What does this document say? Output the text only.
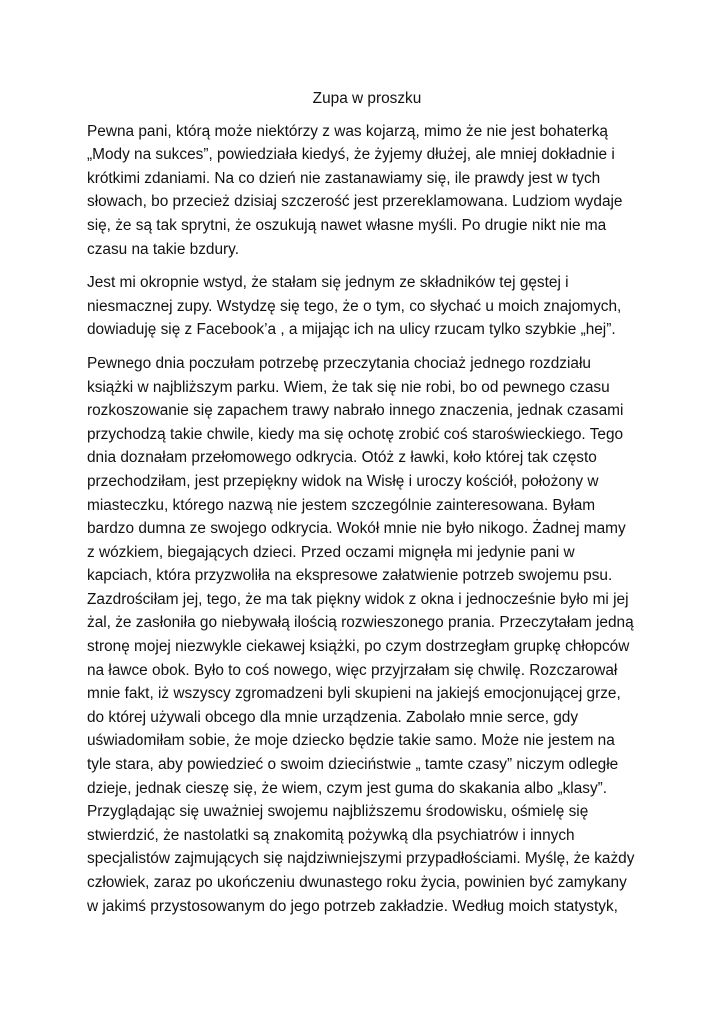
Zupa w proszku
Pewna pani, którą może niektórzy z was kojarzą, mimo że nie jest bohaterką
„Mody na sukces”, powiedziała kiedyś, że żyjemy dłużej, ale mniej dokładnie i
krótkimi zdaniami. Na co dzień nie zastanawiamy się, ile prawdy jest w tych
słowach, bo przecież dzisiaj szczerość jest przereklamowana. Ludziom wydaje
się, że są tak sprytni, że oszukują nawet własne myśli. Po drugie nikt nie ma
czasu na takie bzdury.
Jest mi okropnie wstyd, że stałam się jednym ze składników tej gęstej i
niesmacznej zupy. Wstydzę się tego, że o tym, co słychać u moich znajomych,
dowiaduję się z Facebook’a , a mijając ich na ulicy rzucam tylko szybkie „hej”.
Pewnego dnia poczułam potrzebę przeczytania chociaż jednego rozdziału
książki w najbliższym parku. Wiem, że tak się nie robi, bo od pewnego czasu
rozkoszowanie się zapachem trawy nabrało innego znaczenia, jednak czasami
przychodzą takie chwile, kiedy ma się ochotę zrobić coś staroświeckiego. Tego
dnia doznałam przełomowego odkrycia. Otóż z ławki, koło której tak często
przechodziłam, jest przepiękny widok na Wisłę i uroczy kościół, położony w
miasteczku, którego nazwą nie jestem szczególnie zainteresowana. Byłam
bardzo dumna ze swojego odkrycia. Wokół mnie nie było nikogo. Żadnej mamy
z wózkiem, biegających dzieci. Przed oczami mignęła mi jedynie pani w
kapciach, która przyzwoliła na ekspresowe załatwienie potrzeb swojemu psu.
Zazdrościłam jej, tego, że ma tak piękny widok z okna i jednocześnie było mi jej
żal, że zasłoniła go niebywałą ilością rozwieszonego prania. Przeczytałam jedną
stronę mojej niezwykle ciekawej książki, po czym dostrzegłam grupkę chłopców
na ławce obok. Było to coś nowego, więc przyjrzałam się chwilę. Rozczarował
mnie fakt, iż wszyscy zgromadzeni byli skupieni na jakiejś emocjonującej grze,
do której używali obcego dla mnie urządzenia. Zabolało mnie serce, gdy
uświadomiłam sobie, że moje dziecko będzie takie samo. Może nie jestem na
tyle stara, aby powiedzieć o swoim dzieciństwie „ tamte czasy” niczym odległe
dzieje, jednak cieszę się, że wiem, czym jest guma do skakania albo „klasy”.
Przyglądając się uważniej swojemu najbliższemu środowisku, ośmielę się
stwierdzić, że nastolatki są znakomitą pożywką dla psychiatrów i innych
specjalistów zajmujących się najdziwniejszymi przypadłościami. Myślę, że każdy
człowiek, zaraz po ukończeniu dwunastego roku życia, powinien być zamykany
w jakimś przystosowanym do jego potrzeb zakładzie. Według moich statystyk,
